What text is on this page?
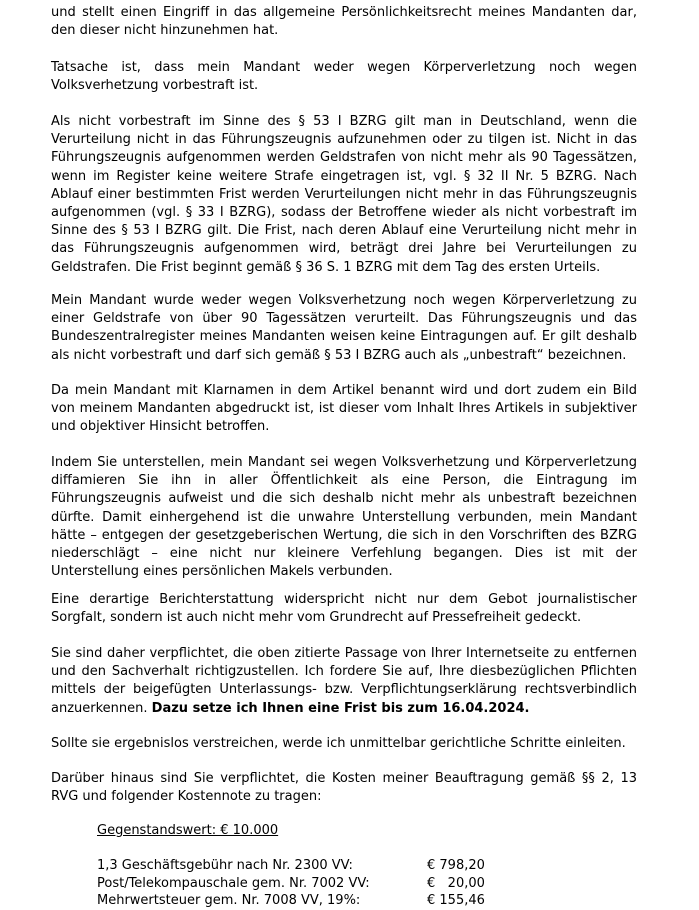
und stellt einen Eingriff in das allgemeine Persönlichkeitsrecht meines Mandanten dar, den dieser nicht hinzunehmen hat.

Tatsache ist, dass mein Mandant weder wegen Körperverletzung noch wegen Volksverhetzung vorbestraft ist.

Als nicht vorbestraft im Sinne des § 53 I BZRG gilt man in Deutschland, wenn die Verurteilung nicht in das Führungszeugnis aufzunehmen oder zu tilgen ist. Nicht in das Führungszeugnis aufgenommen werden Geldstrafen von nicht mehr als 90 Tagessätzen, wenn im Register keine weitere Strafe eingetragen ist, vgl. § 32 II Nr. 5 BZRG. Nach Ablauf einer bestimmten Frist werden Verurteilungen nicht mehr in das Führungszeugnis aufgenommen (vgl. § 33 I BZRG), sodass der Betroffene wieder als nicht vorbestraft im Sinne des § 53 I BZRG gilt. Die Frist, nach deren Ablauf eine Verurteilung nicht mehr in das Führungszeugnis aufgenommen wird, beträgt drei Jahre bei Verurteilungen zu Geldstrafen. Die Frist beginnt gemäß § 36 S. 1 BZRG mit dem Tag des ersten Urteils.

Mein Mandant wurde weder wegen Volksverhetzung noch wegen Körperverletzung zu einer Geldstrafe von über 90 Tagessätzen verurteilt. Das Führungszeugnis und das Bundeszentralregister meines Mandanten weisen keine Eintragungen auf. Er gilt deshalb als nicht vorbestraft und darf sich gemäß § 53 I BZRG auch als „unbestraft“ bezeichnen.

Da mein Mandant mit Klarnamen in dem Artikel benannt wird und dort zudem ein Bild von meinem Mandanten abgedruckt ist, ist dieser vom Inhalt Ihres Artikels in subjektiver und objektiver Hinsicht betroffen.

Indem Sie unterstellen, mein Mandant sei wegen Volksverhetzung und Körperverletzung diffamieren Sie ihn in aller Öffentlichkeit als eine Person, die Eintragung im Führungszeugnis aufweist und die sich deshalb nicht mehr als unbestraft bezeichnen dürfte. Damit einhergehend ist die unwahre Unterstellung verbunden, mein Mandant hätte – entgegen der gesetzgeberischen Wertung, die sich in den Vorschriften des BZRG niederschlägt – eine nicht nur kleinere Verfehlung begangen. Dies ist mit der Unterstellung eines persönlichen Makels verbunden.

Eine derartige Berichterstattung widerspricht nicht nur dem Gebot journalistischer Sorgfalt, sondern ist auch nicht mehr vom Grundrecht auf Pressefreiheit gedeckt.

Sie sind daher verpflichtet, die oben zitierte Passage von Ihrer Internetseite zu entfernen und den Sachverhalt richtigzustellen. Ich fordere Sie auf, Ihre diesbezüglichen Pflichten mittels der beigefügten Unterlassungs- bzw. Verpflichtungserklärung rechtsverbindlich anzuerkennen. Dazu setze ich Ihnen eine Frist bis zum 16.04.2024.

Sollte sie ergebnislos verstreichen, werde ich unmittelbar gerichtliche Schritte einleiten.

Darüber hinaus sind Sie verpflichtet, die Kosten meiner Beauftragung gemäß §§ 2, 13 RVG und folgender Kostennote zu tragen:

Gegenstandswert: € 10.000
1,3 Geschäftsgebühr nach Nr. 2300 VV:	€ 798,20
Post/Telekompauschale gem. Nr. 7002 VV:	€   20,00
Mehrwertsteuer gem. Nr. 7008 VV, 19%:	€ 155,46
